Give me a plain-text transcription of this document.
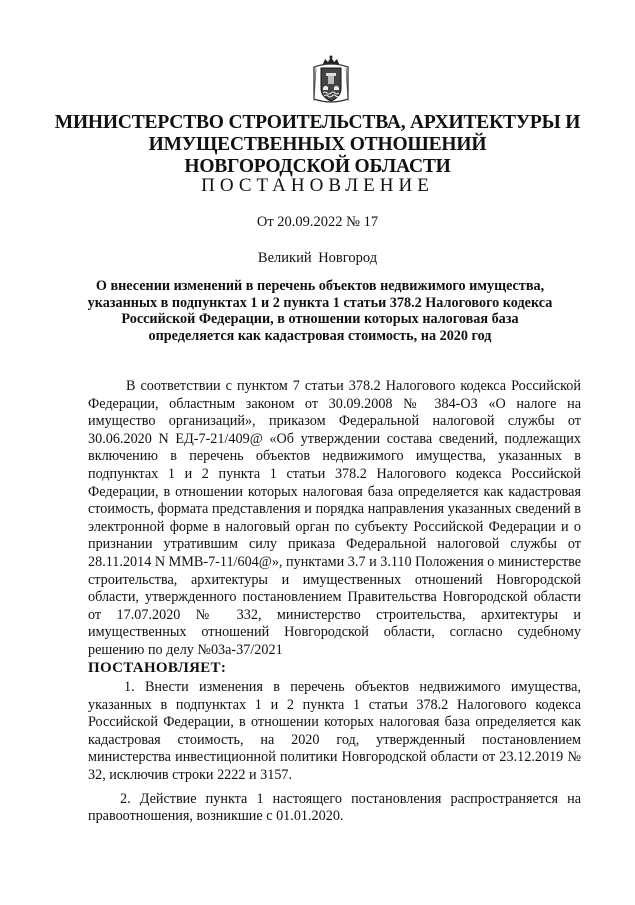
МИНИСТЕРСТВО СТРОИТЕЛЬСТВА, АРХИТЕКТУРЫ И
ИМУЩЕСТВЕННЫХ ОТНОШЕНИЙ
НОВГОРОДСКОЙ ОБЛАСТИ
ПОСТАНОВЛЕНИЕ
От 20.09.2022 № 17
Великий Новгород
О внесении изменений в перечень объектов недвижимого имущества,
указанных в подпунктах 1 и 2 пункта 1 статьи 378.2 Налогового кодекса
Российской Федерации, в отношении которых налоговая база
определяется как кадастровая стоимость, на 2020 год

В соответствии с пунктом 7 статьи 378.2 Налогового кодекса Российской Федерации, областным законом от 30.09.2008 № 384-ОЗ «О налоге на имущество организаций», приказом Федеральной налоговой службы от 30.06.2020 N ЕД-7-21/409@ «Об утверждении состава сведений, подлежащих включению в перечень объектов недвижимого имущества, указанных в подпунктах 1 и 2 пункта 1 статьи 378.2 Налогового кодекса Российской Федерации, в отношении которых налоговая база определяется как кадастровая стоимость, формата представления и порядка направления указанных сведений в электронной форме в налоговый орган по субъекту Российской Федерации и о признании утратившим силу приказа Федеральной налоговой службы от 28.11.2014 N ММВ-7-11/604@», пунктами 3.7 и 3.110 Положения о министерстве строительства, архитектуры и имущественных отношений Новгородской области, утвержденного постановлением Правительства Новгородской области от 17.07.2020 № 332, министерство строительства, архитектуры и имущественных отношений Новгородской области, согласно судебному решению по делу №03а-37/2021

ПОСТАНОВЛЯЕТ:

1. Внести изменения в перечень объектов недвижимого имущества, указанных в подпунктах 1 и 2 пункта 1 статьи 378.2 Налогового кодекса Российской Федерации, в отношении которых налоговая база определяется как кадастровая стоимость, на 2020 год, утвержденный постановлением министерства инвестиционной политики Новгородской области от 23.12.2019 № 32, исключив строки 2222 и 3157.

2. Действие пункта 1 настоящего постановления распространяется на правоотношения, возникшие с 01.01.2020.
